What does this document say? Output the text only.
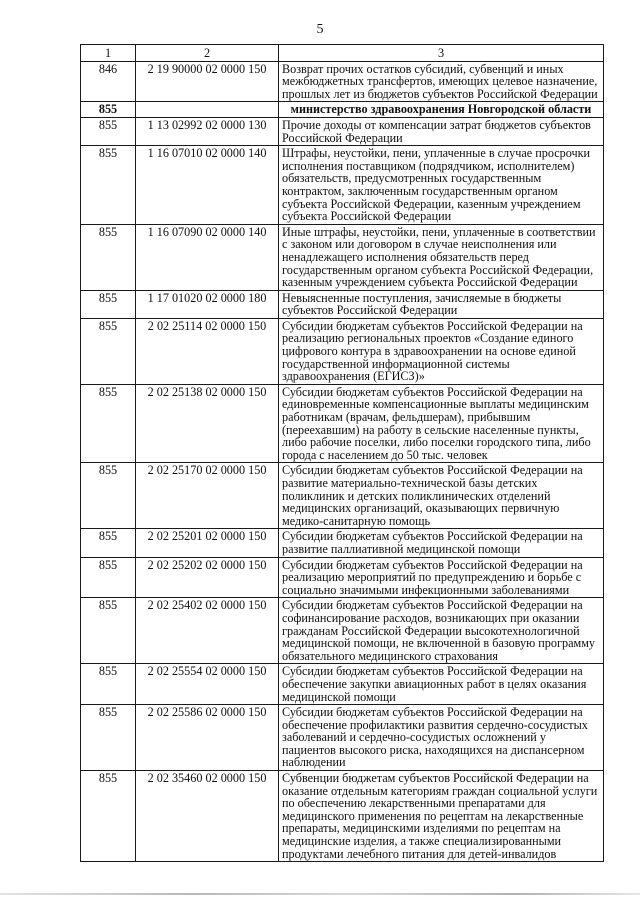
5
1	2	3
846	2 19 90000 02 0000 150	Возврат прочих остатков субсидий, субвенций и иных межбюджетных трансфертов, имеющих целевое назначение, прошлых лет из бюджетов субъектов Российской Федерации
855		министерство здравоохранения Новгородской области
855	1 13 02992 02 0000 130	Прочие доходы от компенсации затрат бюджетов субъектов Российской Федерации
855	1 16 07010 02 0000 140	Штрафы, неустойки, пени, уплаченные в случае просрочки исполнения поставщиком (подрядчиком, исполнителем) обязательств, предусмотренных государственным контрактом, заключенным государственным органом субъекта Российской Федерации, казенным учреждением субъекта Российской Федерации
855	1 16 07090 02 0000 140	Иные штрафы, неустойки, пени, уплаченные в соответствии с законом или договором в случае неисполнения или ненадлежащего исполнения обязательств перед государственным органом субъекта Российской Федерации, казенным учреждением субъекта Российской Федерации
855	1 17 01020 02 0000 180	Невыясненные поступления, зачисляемые в бюджеты субъектов Российской Федерации
855	2 02 25114 02 0000 150	Субсидии бюджетам субъектов Российской Федерации на реализацию региональных проектов «Создание единого цифрового контура в здравоохранении на основе единой государственной информационной системы здравоохранения (ЕГИСЗ)»
855	2 02 25138 02 0000 150	Субсидии бюджетам субъектов Российской Федерации на единовременные компенсационные выплаты медицинским работникам (врачам, фельдшерам), прибывшим (переехавшим) на работу в сельские населенные пункты, либо рабочие поселки, либо поселки городского типа, либо города с населением до 50 тыс. человек
855	2 02 25170 02 0000 150	Субсидии бюджетам субъектов Российской Федерации на развитие материально-технической базы детских поликлиник и детских поликлинических отделений медицинских организаций, оказывающих первичную медико-санитарную помощь
855	2 02 25201 02 0000 150	Субсидии бюджетам субъектов Российской Федерации на развитие паллиативной медицинской помощи
855	2 02 25202 02 0000 150	Субсидии бюджетам субъектов Российской Федерации на реализацию мероприятий по предупреждению и борьбе с социально значимыми инфекционными заболеваниями
855	2 02 25402 02 0000 150	Субсидии бюджетам субъектов Российской Федерации на софинансирование расходов, возникающих при оказании гражданам Российской Федерации высокотехнологичной медицинской помощи, не включенной в базовую программу обязательного медицинского страхования
855	2 02 25554 02 0000 150	Субсидии бюджетам субъектов Российской Федерации на обеспечение закупки авиационных работ в целях оказания медицинской помощи
855	2 02 25586 02 0000 150	Субсидии бюджетам субъектов Российской Федерации на обеспечение профилактики развития сердечно-сосудистых заболеваний и сердечно-сосудистых осложнений у пациентов высокого риска, находящихся на диспансерном наблюдении
855	2 02 35460 02 0000 150	Субвенции бюджетам субъектов Российской Федерации на оказание отдельным категориям граждан социальной услуги по обеспечению лекарственными препаратами для медицинского применения по рецептам на лекарственные препараты, медицинскими изделиями по рецептам на медицинские изделия, а также специализированными продуктами лечебного питания для детей-инвалидов
